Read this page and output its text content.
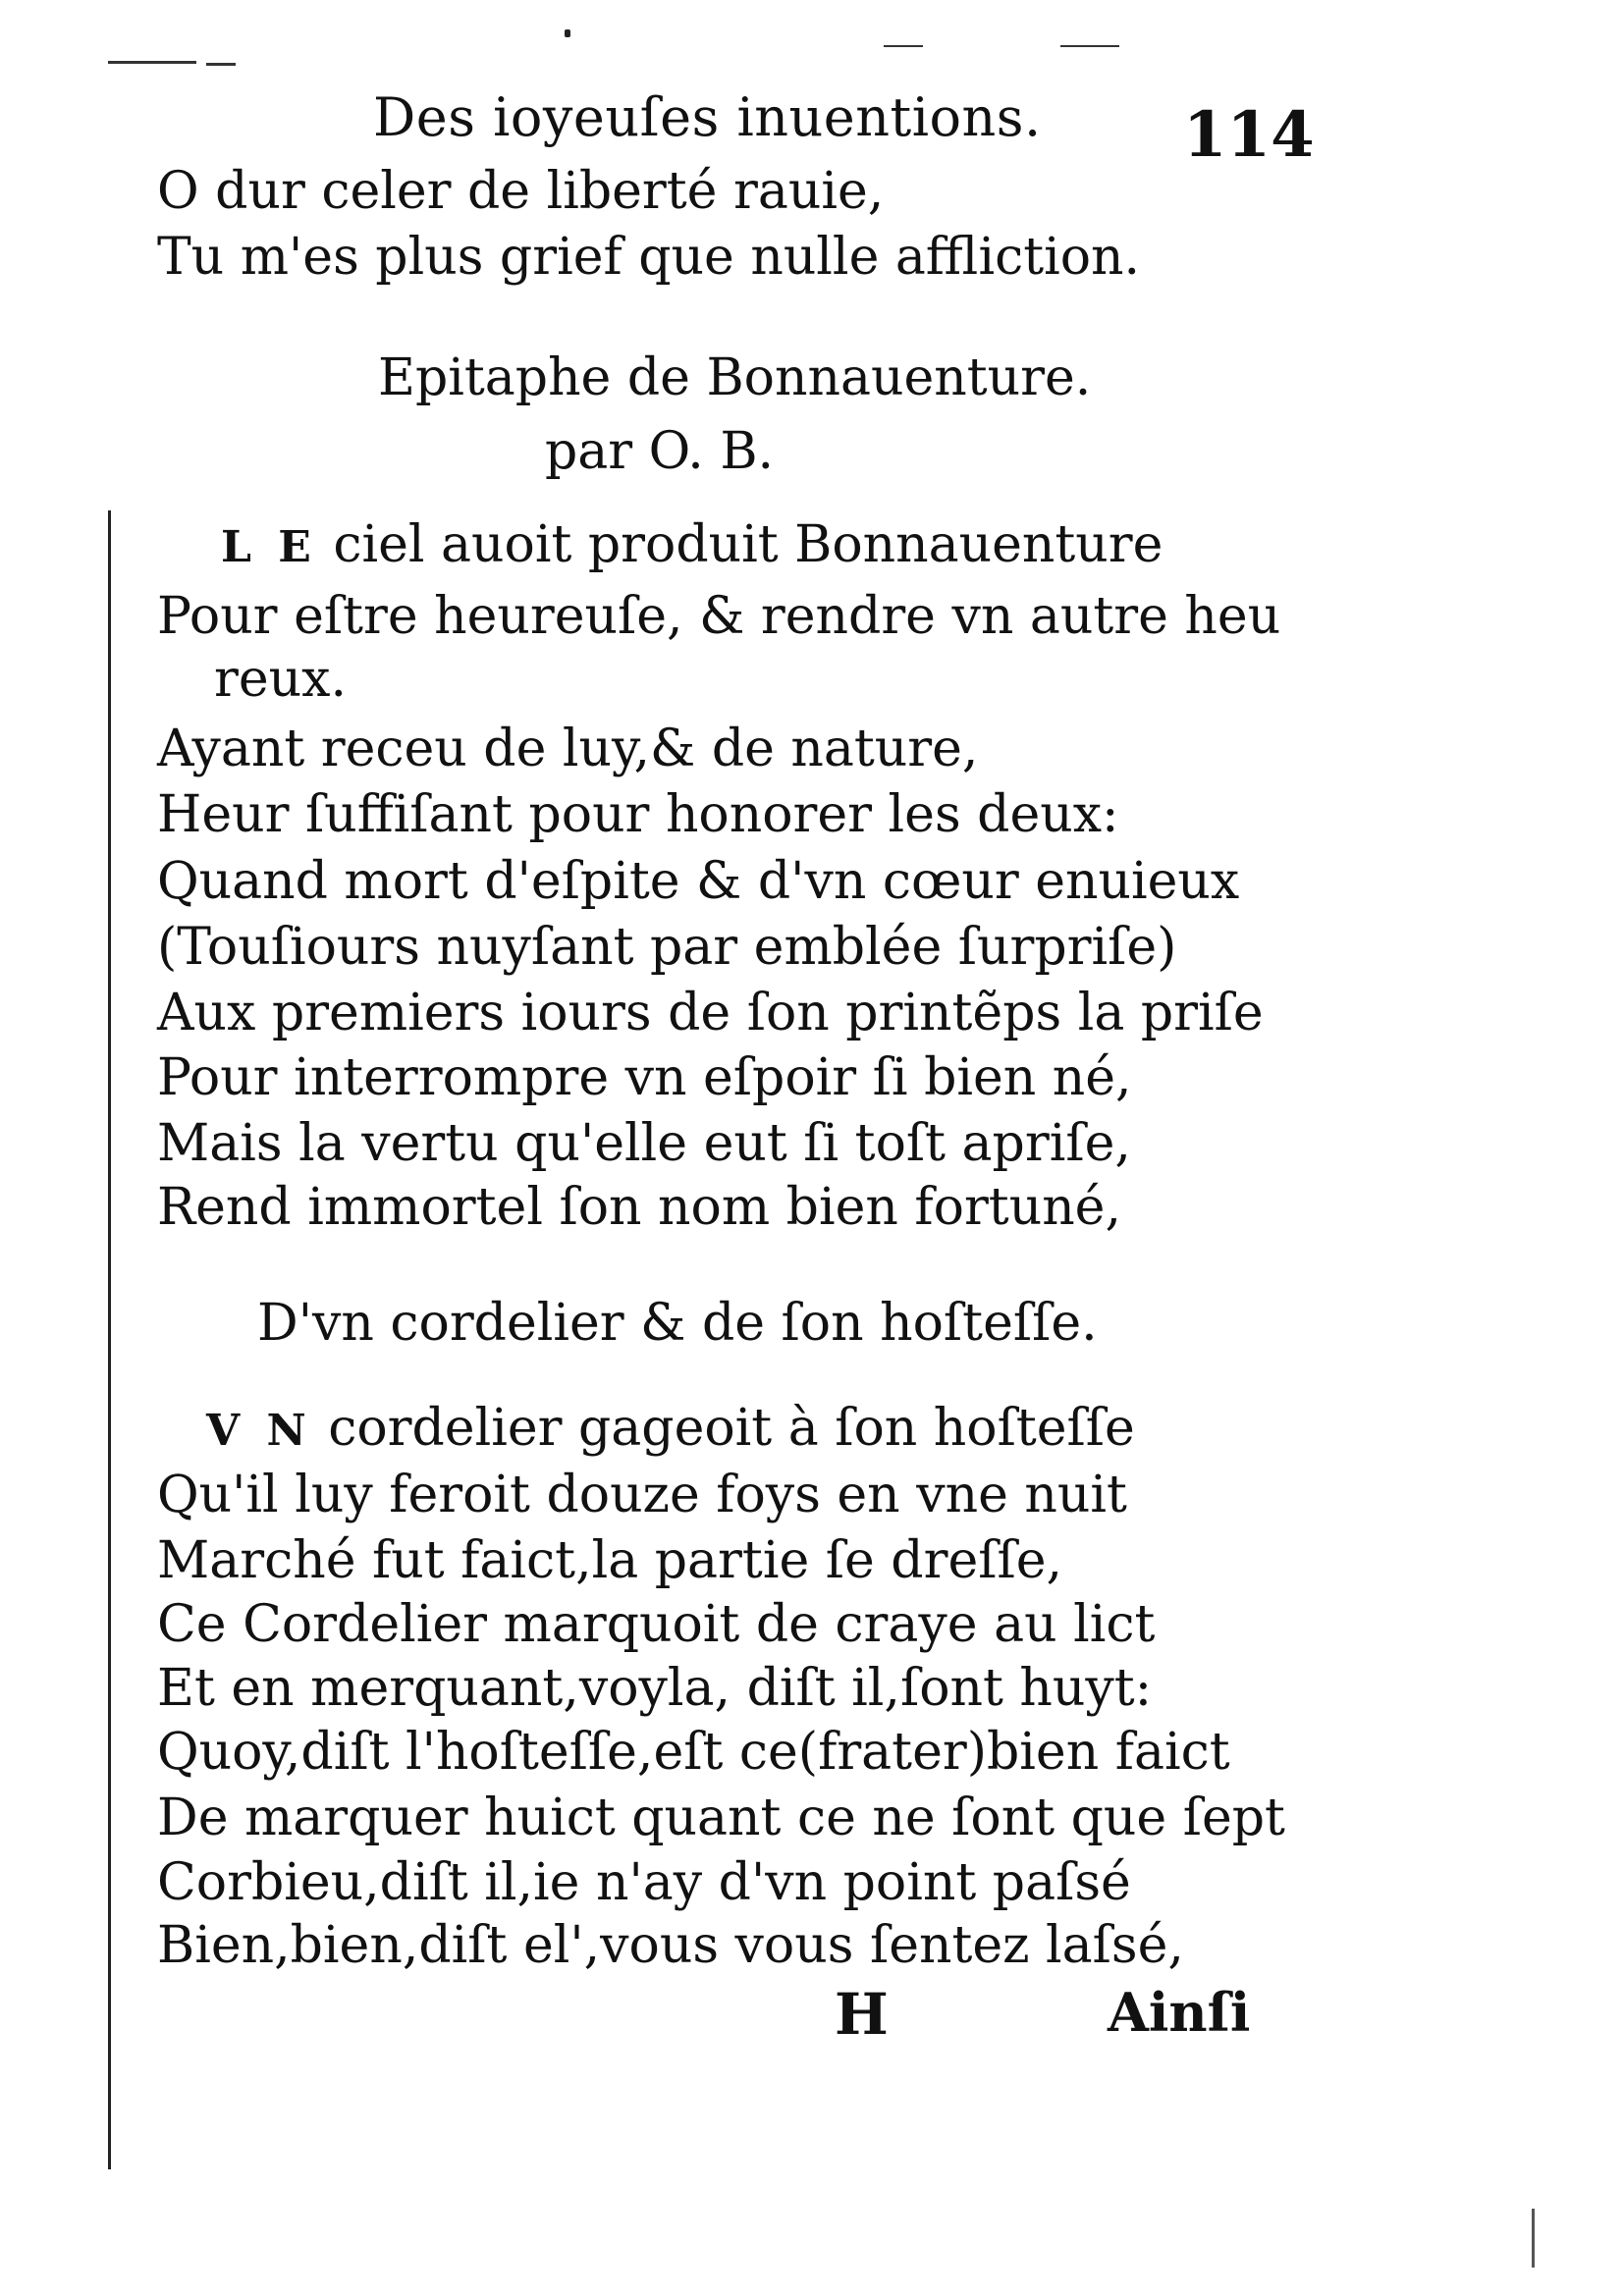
Des ioyeuſes inuentions. 114
O dur celer de liberté rauie,
Tu m'es plus grief que nulle affliction.
Epitaphe de Bonnauenture.
par O. B.
L E ciel auoit produit Bonnauenture
Pour eſtre heureuſe, & rendre vn autre heu
reux.
Ayant receu de luy,& de nature,
Heur ſuffiſant pour honorer les deux:
Quand mort d'eſpite & d'vn cœur enuieux
(Touſiours nuyſant par emblée ſurpriſe)
Aux premiers iours de ſon printẽps la priſe
Pour interrompre vn eſpoir ſi bien né,
Mais la vertu qu'elle eut ſi toſt apriſe,
Rend immortel ſon nom bien fortuné,
D'vn cordelier & de ſon hoſteſſe.
V N cordelier gageoit à ſon hoſteſſe
Qu'il luy feroit douze foys en vne nuit
Marché fut faict,la partie ſe dreſſe,
Ce Cordelier marquoit de craye au lict
Et en merquant,voyla, diſt il,ſont huyt:
Quoy,diſt l'hoſteſſe,eſt ce(frater)bien faict
De marquer huict quant ce ne ſont que ſept
Corbieu,diſt il,ie n'ay d'vn point paſsé
Bien,bien,diſt el',vous vous ſentez laſsé,
H	Ainſi
